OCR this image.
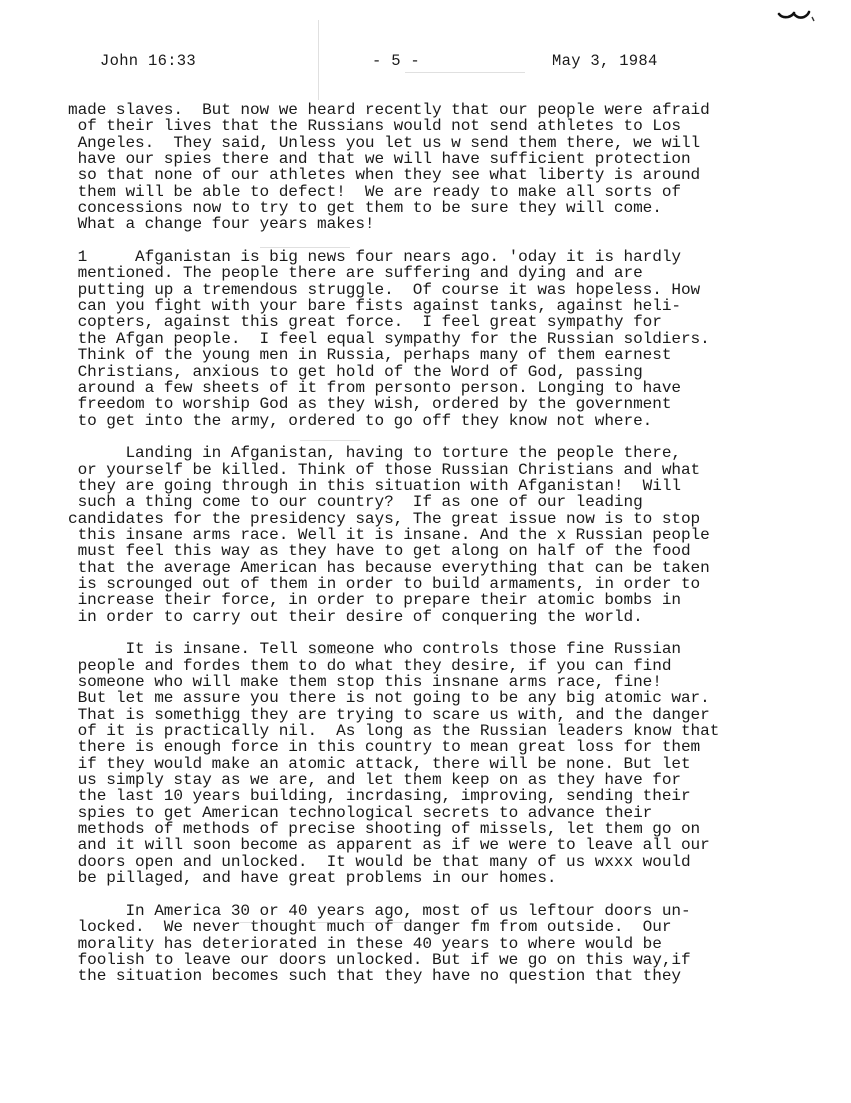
John 16:33	- 5 -	May 3, 1984
made slaves.  But now we heard recently that our people were afraid
of their lives that the Russians would not send athletes to Los
Angeles.  They said, Unless you let us w send them there, we will
have our spies there and that we will have sufficient protection
so that none of our athletes when they see what liberty is around
them will be able to defect!  We are ready to make all sorts of
concessions now to try to get them to be sure they will come.
What a change four years makes!
1     Afganistan is big news four nears ago. 'oday it is hardly
mentioned. The people there are suffering and dying and are
putting up a tremendous struggle.  Of course it was hopeless. How
can you fight with your bare fists against tanks, against heli-
copters, against this great force.  I feel great sympathy for
the Afgan people.  I feel equal sympathy for the Russian soldiers.
Think of the young men in Russia, perhaps many of them earnest
Christians, anxious to get hold of the Word of God, passing
around a few sheets of it from personto person. Longing to have
freedom to worship God as they wish, ordered by the government
to get into the army, ordered to go off they know not where.
Landing in Afganistan, having to torture the people there,
or yourself be killed. Think of those Russian Christians and what
they are going through in this situation with Afganistan!  Will
such a thing come to our country?  If as one of our leading
candidates for the presidency says, The great issue now is to stop
this insane arms race. Well it is insane. And the x Russian people
must feel this way as they have to get along on half of the food
that the average American has because everything that can be taken
is scrounged out of them in order to build armaments, in order to
increase their force, in order to prepare their atomic bombs in
in order to carry out their desire of conquering the world.
It is insane. Tell someone who controls those fine Russian
people and fordes them to do what they desire, if you can find
someone who will make them stop this insnane arms race, fine!
But let me assure you there is not going to be any big atomic war.
That is somethigg they are trying to scare us with, and the danger
of it is practically nil.  As long as the Russian leaders know that
there is enough force in this country to mean great loss for them
if they would make an atomic attack, there will be none. But let
us simply stay as we are, and let them keep on as they have for
the last 10 years building, incrdasing, improving, sending their
spies to get American technological secrets to advance their
methods of methods of precise shooting of missels, let them go on
and it will soon become as apparent as if we were to leave all our
doors open and unlocked.  It would be that many of us wxxx would
be pillaged, and have great problems in our homes.
In America 30 or 40 years ago, most of us leftour doors un-
locked.  We never thought much of danger fm from outside.  Our
morality has deteriorated in these 40 years to where would be
foolish to leave our doors unlocked. But if we go on this way,if
the situation becomes such that they have no question that they
